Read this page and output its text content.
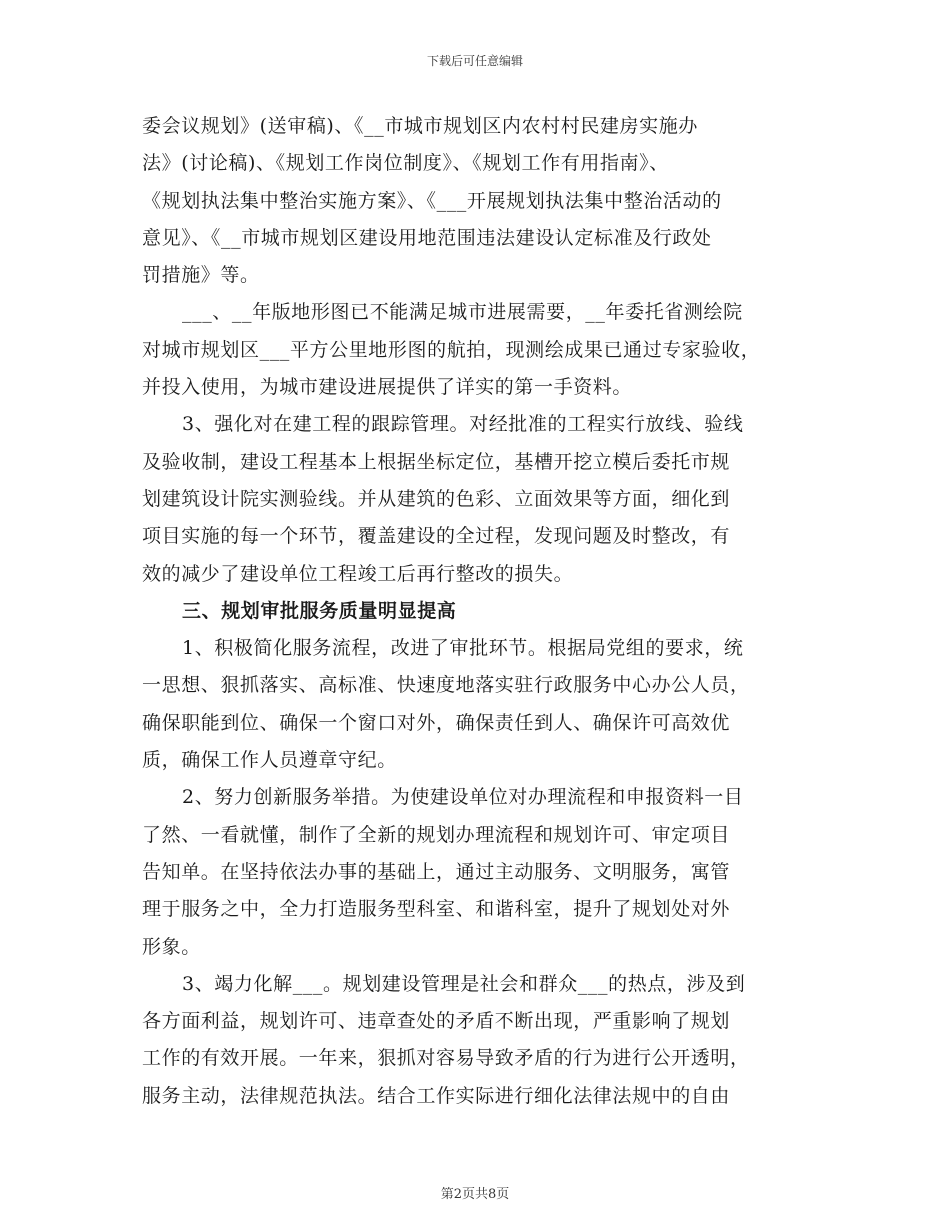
下载后可任意编辑
委会议规划》(送审稿)、《__市城市规划区内农村村民建房实施办
法》(讨论稿)、《规划工作岗位制度》、《规划工作有用指南》、
《规划执法集中整治实施方案》、《___开展规划执法集中整治活动的
意见》、《__市城市规划区建设用地范围违法建设认定标准及行政处
罚措施》等。
___、__年版地形图已不能满足城市进展需要，__年委托省测绘院
对城市规划区___平方公里地形图的航拍，现测绘成果已通过专家验收，
并投入使用，为城市建设进展提供了详实的第一手资料。
3、强化对在建工程的跟踪管理。对经批准的工程实行放线、验线
及验收制，建设工程基本上根据坐标定位，基槽开挖立模后委托市规
划建筑设计院实测验线。并从建筑的色彩、立面效果等方面，细化到
项目实施的每一个环节，覆盖建设的全过程，发现问题及时整改，有
效的减少了建设单位工程竣工后再行整改的损失。
三、规划审批服务质量明显提高
1、积极简化服务流程，改进了审批环节。根据局党组的要求，统
一思想、狠抓落实、高标准、快速度地落实驻行政服务中心办公人员，
确保职能到位、确保一个窗口对外，确保责任到人、确保许可高效优
质，确保工作人员遵章守纪。
2、努力创新服务举措。为使建设单位对办理流程和申报资料一目
了然、一看就懂，制作了全新的规划办理流程和规划许可、审定项目
告知单。在坚持依法办事的基础上，通过主动服务、文明服务，寓管
理于服务之中，全力打造服务型科室、和谐科室，提升了规划处对外
形象。
3、竭力化解___。规划建设管理是社会和群众___的热点，涉及到
各方面利益，规划许可、违章查处的矛盾不断出现，严重影响了规划
工作的有效开展。一年来，狠抓对容易导致矛盾的行为进行公开透明，
服务主动，法律规范执法。结合工作实际进行细化法律法规中的自由
第2页共8页
